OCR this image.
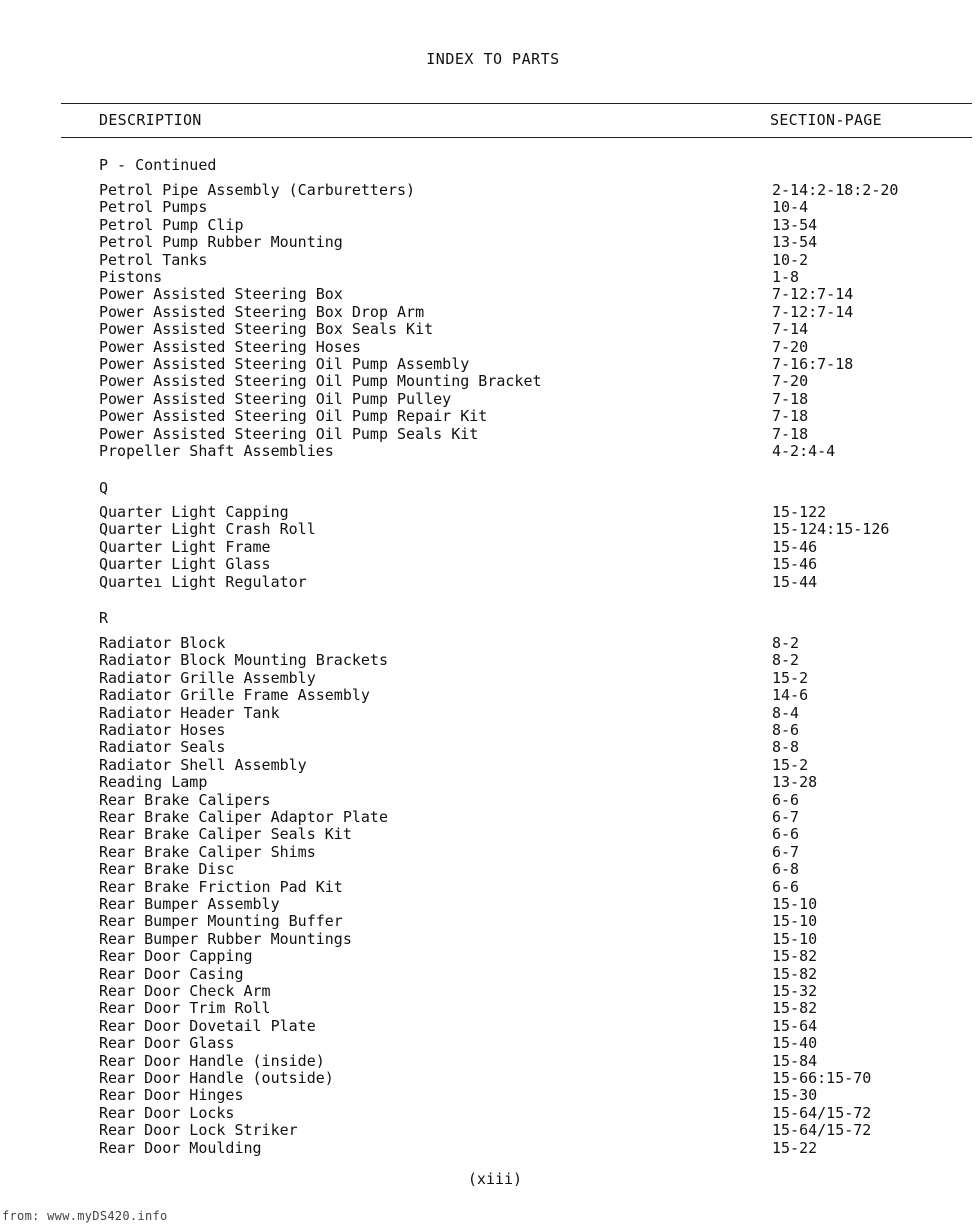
INDEX TO PARTS
DESCRIPTION	SECTION-PAGE
P - Continued
Petrol Pipe Assembly (Carburetters)	2-14:2-18:2-20
Petrol Pumps	10-4
Petrol Pump Clip	13-54
Petrol Pump Rubber Mounting	13-54
Petrol Tanks	10-2
Pistons	1-8
Power Assisted Steering Box	7-12:7-14
Power Assisted Steering Box Drop Arm	7-12:7-14
Power Assisted Steering Box Seals Kit	7-14
Power Assisted Steering Hoses	7-20
Power Assisted Steering Oil Pump Assembly	7-16:7-18
Power Assisted Steering Oil Pump Mounting Bracket	7-20
Power Assisted Steering Oil Pump Pulley	7-18
Power Assisted Steering Oil Pump Repair Kit	7-18
Power Assisted Steering Oil Pump Seals Kit	7-18
Propeller Shaft Assemblies	4-2:4-4
Q
Quarter Light Capping	15-122
Quarter Light Crash Roll	15-124:15-126
Quarter Light Frame	15-46
Quarter Light Glass	15-46
Quarteı Light Regulator	15-44
R
Radiator Block	8-2
Radiator Block Mounting Brackets	8-2
Radiator Grille Assembly	15-2
Radiator Grille Frame Assembly	14-6
Radiator Header Tank	8-4
Radiator Hoses	8-6
Radiator Seals	8-8
Radiator Shell Assembly	15-2
Reading Lamp	13-28
Rear Brake Calipers	6-6
Rear Brake Caliper Adaptor Plate	6-7
Rear Brake Caliper Seals Kit	6-6
Rear Brake Caliper Shims	6-7
Rear Brake Disc	6-8
Rear Brake Friction Pad Kit	6-6
Rear Bumper Assembly	15-10
Rear Bumper Mounting Buffer	15-10
Rear Bumper Rubber Mountings	15-10
Rear Door Capping	15-82
Rear Door Casing	15-82
Rear Door Check Arm	15-32
Rear Door Trim Roll	15-82
Rear Door Dovetail Plate	15-64
Rear Door Glass	15-40
Rear Door Handle (inside)	15-84
Rear Door Handle (outside)	15-66:15-70
Rear Door Hinges	15-30
Rear Door Locks	15-64/15-72
Rear Door Lock Striker	15-64/15-72
Rear Door Moulding	15-22
(xiii)
from: www.myDS420.info
